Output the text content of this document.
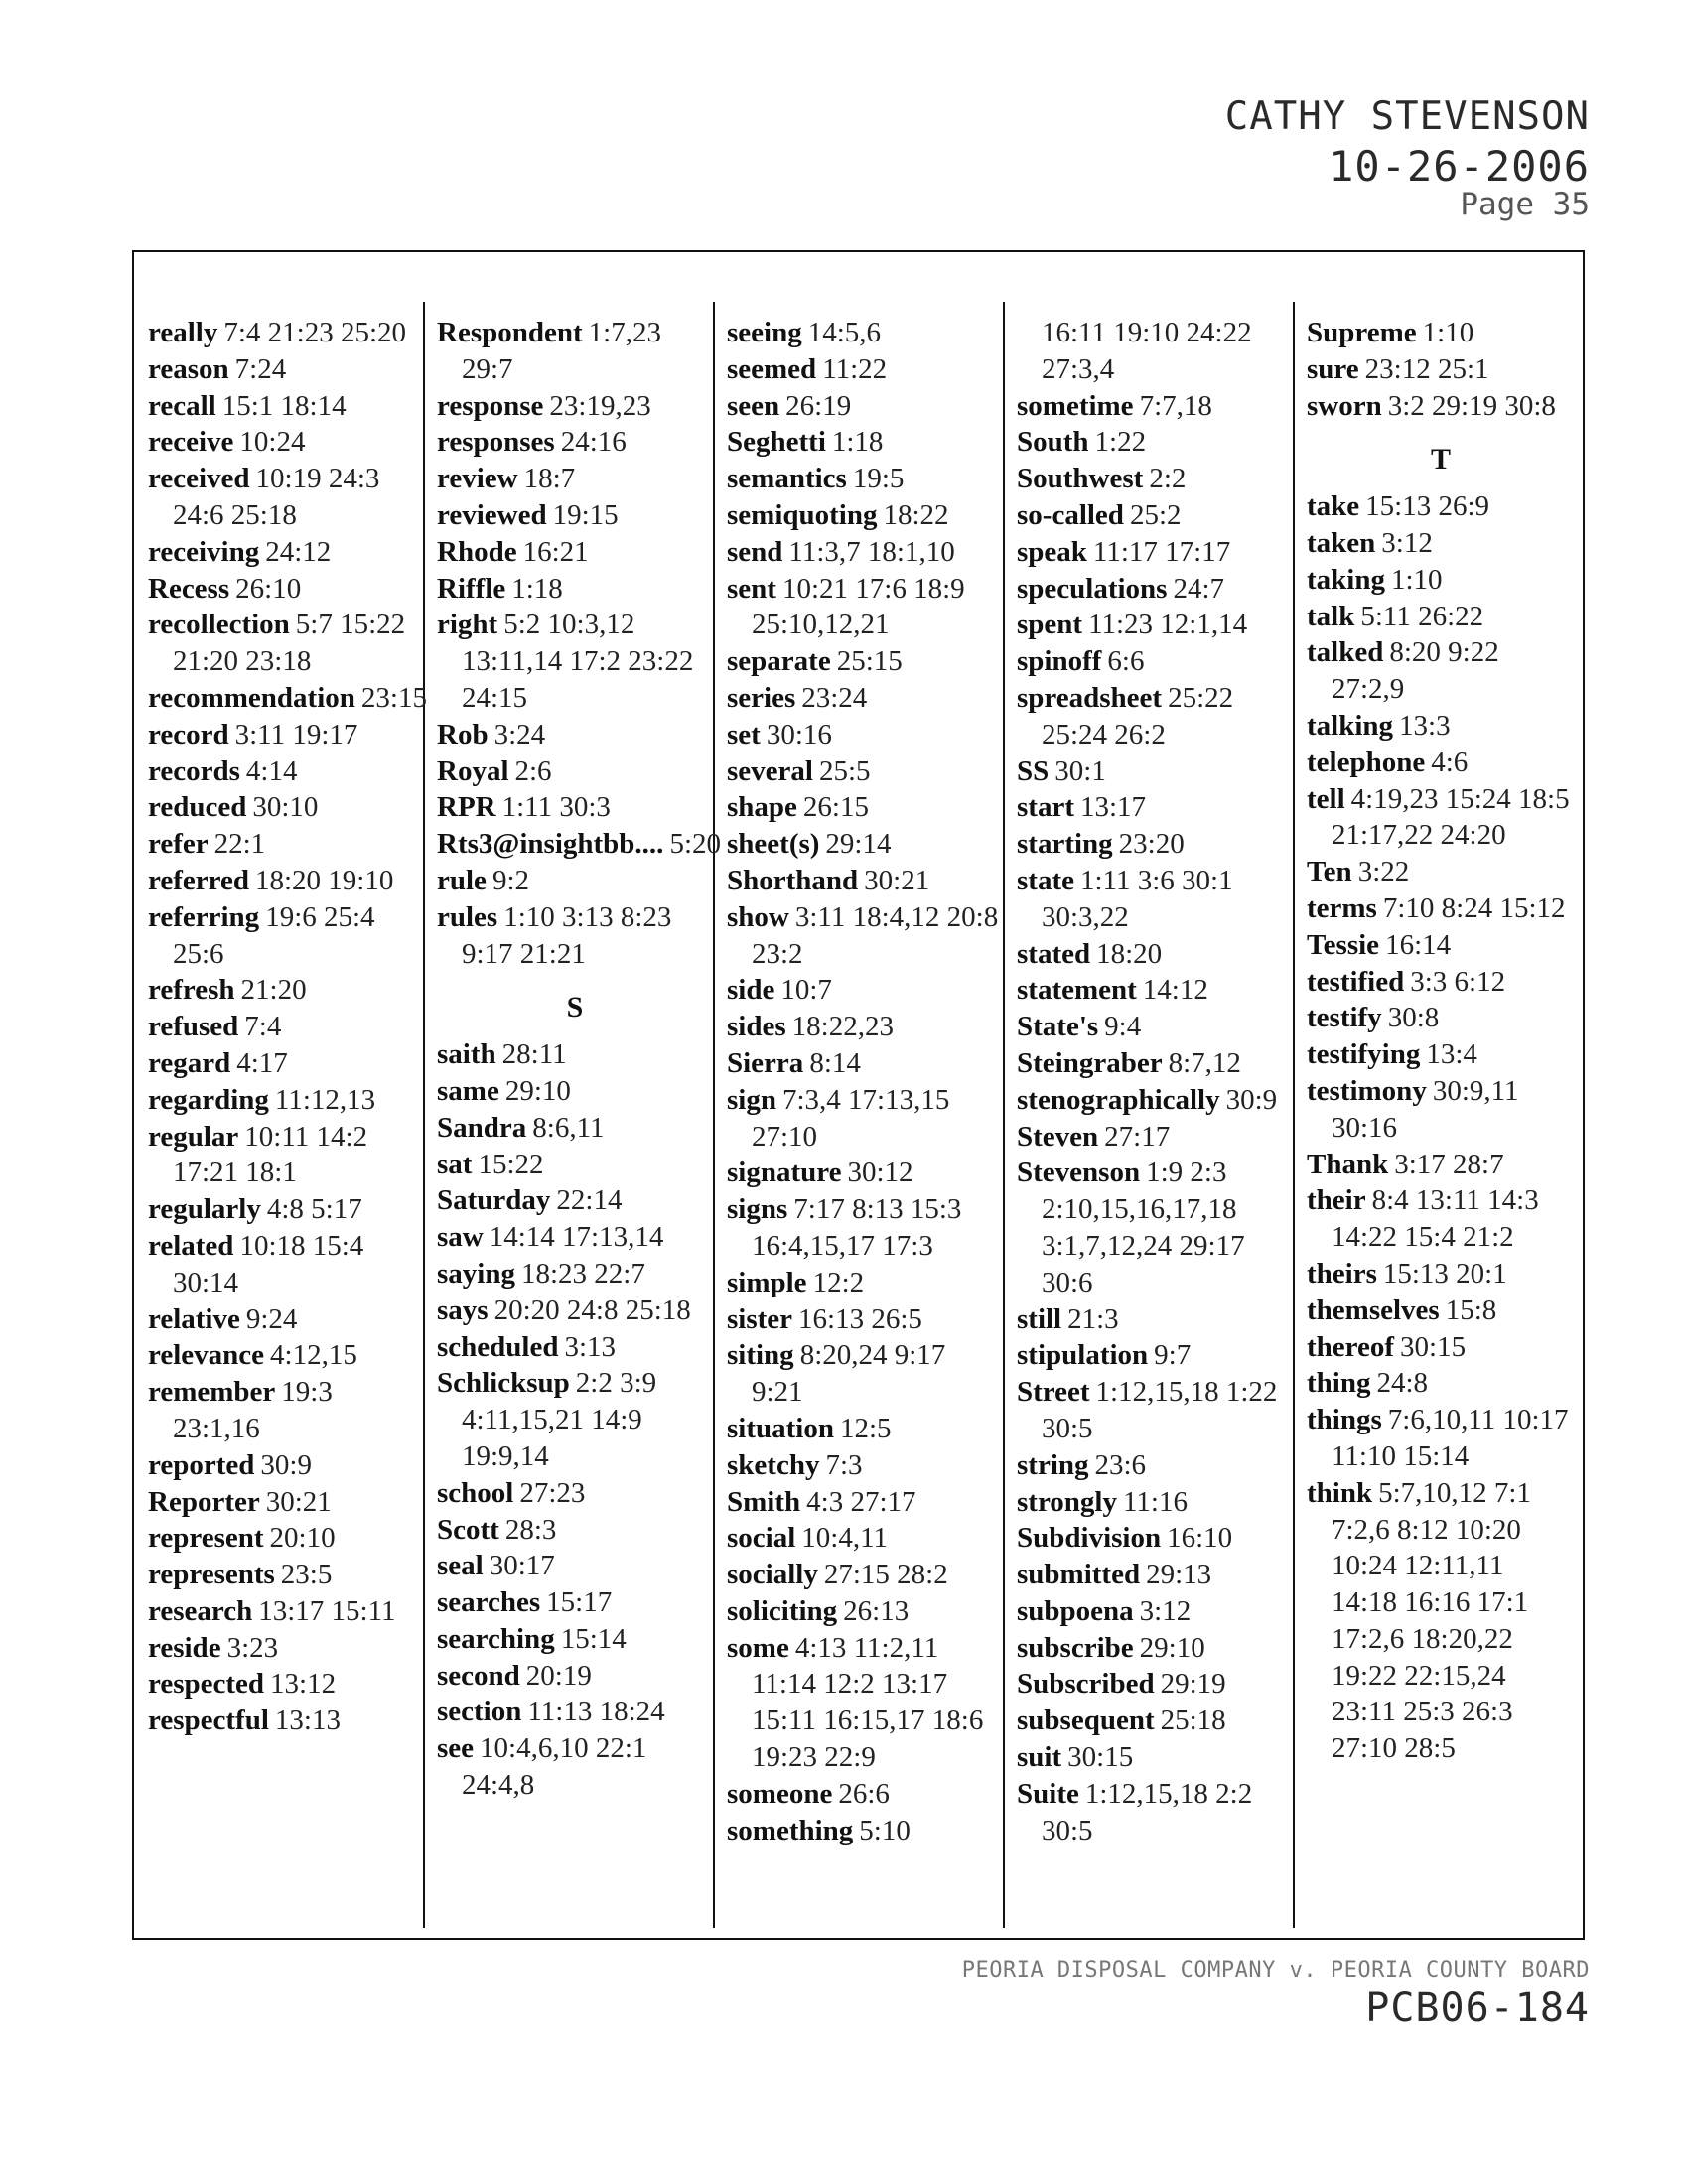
CATHY STEVENSON
10-26-2006
Page 35
really 7:4 21:23 25:20
reason 7:24
recall 15:1 18:14
receive 10:24
received 10:19 24:3 24:6 25:18
receiving 24:12
Recess 26:10
recollection 5:7 15:22 21:20 23:18
recommendation 23:15
record 3:11 19:17
records 4:14
reduced 30:10
refer 22:1
referred 18:20 19:10
referring 19:6 25:4 25:6
refresh 21:20
refused 7:4
regard 4:17
regarding 11:12,13
regular 10:11 14:2 17:21 18:1
regularly 4:8 5:17
related 10:18 15:4 30:14
relative 9:24
relevance 4:12,15
remember 19:3 23:1,16
reported 30:9
Reporter 30:21
represent 20:10
represents 23:5
research 13:17 15:11
reside 3:23
respected 13:12
respectful 13:13
Respondent 1:7,23 29:7
response 23:19,23
responses 24:16
review 18:7
reviewed 19:15
Rhode 16:21
Riffle 1:18
right 5:2 10:3,12 13:11,14 17:2 23:22 24:15
Rob 3:24
Royal 2:6
RPR 1:11 30:3
Rts3@insightbb.... 5:20
rule 9:2
rules 1:10 3:13 8:23 9:17 21:21
S
saith 28:11
same 29:10
Sandra 8:6,11
sat 15:22
Saturday 22:14
saw 14:14 17:13,14
saying 18:23 22:7
says 20:20 24:8 25:18
scheduled 3:13
Schlicksup 2:2 3:9 4:11,15,21 14:9 19:9,14
school 27:23
Scott 28:3
seal 30:17
searches 15:17
searching 15:14
second 20:19
section 11:13 18:24
see 10:4,6,10 22:1 24:4,8
seeing 14:5,6
seemed 11:22
seen 26:19
Seghetti 1:18
semantics 19:5
semiquoting 18:22
send 11:3,7 18:1,10
sent 10:21 17:6 18:9 25:10,12,21
separate 25:15
series 23:24
set 30:16
several 25:5
shape 26:15
sheet(s) 29:14
Shorthand 30:21
show 3:11 18:4,12 20:8 23:2
side 10:7
sides 18:22,23
Sierra 8:14
sign 7:3,4 17:13,15 27:10
signature 30:12
signs 7:17 8:13 15:3 16:4,15,17 17:3
simple 12:2
sister 16:13 26:5
siting 8:20,24 9:17 9:21
situation 12:5
sketchy 7:3
Smith 4:3 27:17
social 10:4,11
socially 27:15 28:2
soliciting 26:13
some 4:13 11:2,11 11:14 12:2 13:17 15:11 16:15,17 18:6 19:23 22:9
someone 26:6
something 5:10
16:11 19:10 24:22 27:3,4
sometime 7:7,18
South 1:22
Southwest 2:2
so-called 25:2
speak 11:17 17:17
speculations 24:7
spent 11:23 12:1,14
spinoff 6:6
spreadsheet 25:22 25:24 26:2
SS 30:1
start 13:17
starting 23:20
state 1:11 3:6 30:1 30:3,22
stated 18:20
statement 14:12
State's 9:4
Steingraber 8:7,12
stenographically 30:9
Steven 27:17
Stevenson 1:9 2:3 2:10,15,16,17,18 3:1,7,12,24 29:17 30:6
still 21:3
stipulation 9:7
Street 1:12,15,18 1:22 30:5
string 23:6
strongly 11:16
Subdivision 16:10
submitted 29:13
subpoena 3:12
subscribe 29:10
Subscribed 29:19
subsequent 25:18
suit 30:15
Suite 1:12,15,18 2:2 30:5
Supreme 1:10
sure 23:12 25:1
sworn 3:2 29:19 30:8
T
take 15:13 26:9
taken 3:12
taking 1:10
talk 5:11 26:22
talked 8:20 9:22 27:2,9
talking 13:3
telephone 4:6
tell 4:19,23 15:24 18:5 21:17,22 24:20
Ten 3:22
terms 7:10 8:24 15:12
Tessie 16:14
testified 3:3 6:12
testify 30:8
testifying 13:4
testimony 30:9,11 30:16
Thank 3:17 28:7
their 8:4 13:11 14:3 14:22 15:4 21:2
theirs 15:13 20:1
themselves 15:8
thereof 30:15
thing 24:8
things 7:6,10,11 10:17 11:10 15:14
think 5:7,10,12 7:1 7:2,6 8:12 10:20 10:24 12:11,11 14:18 16:16 17:1 17:2,6 18:20,22 19:22 22:15,24 23:11 25:3 26:3 27:10 28:5
PEORIA DISPOSAL COMPANY v. PEORIA COUNTY BOARD
PCB06-184
